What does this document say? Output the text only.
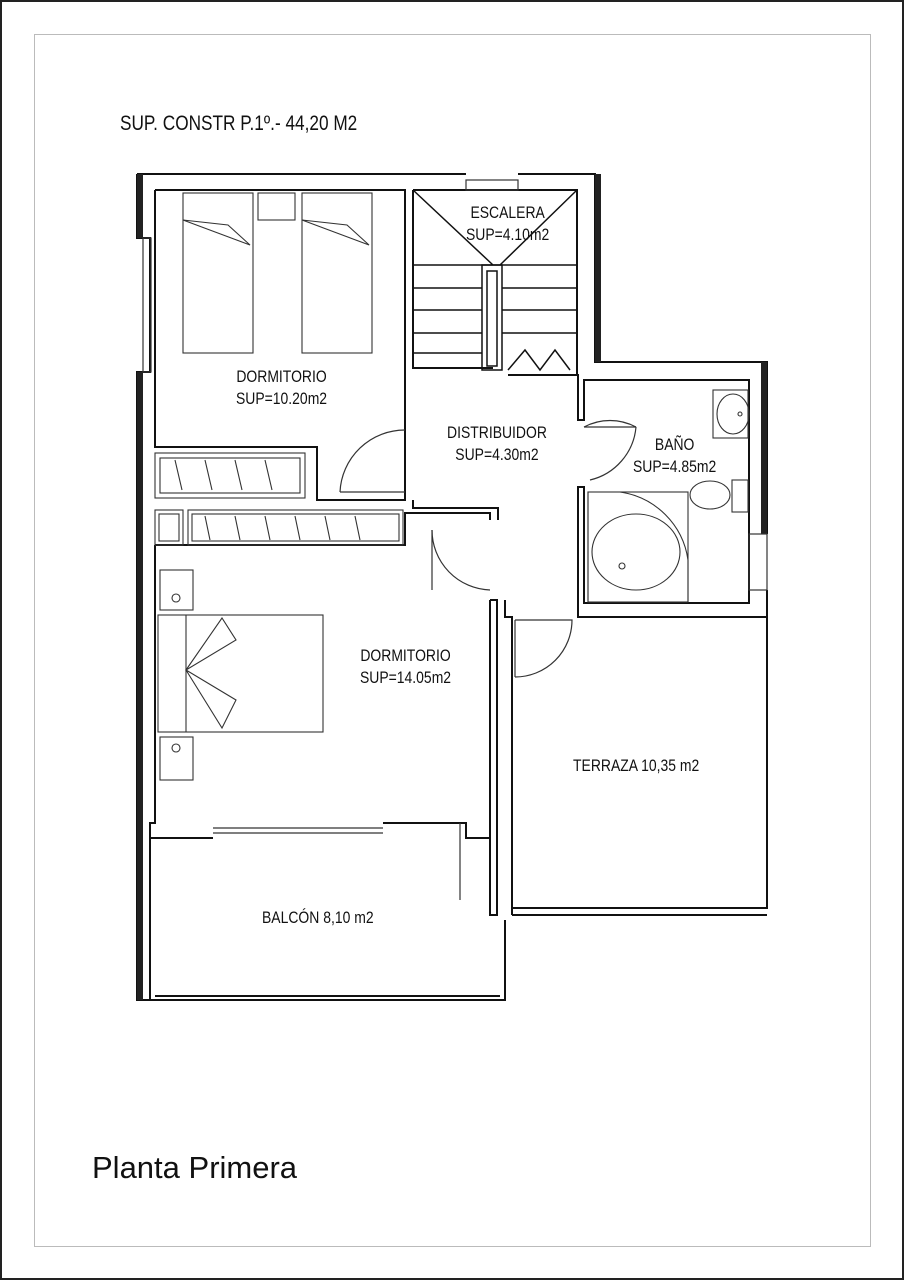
SUP. CONSTR P.1º.- 44,20 M2
ESCALERA
SUP=4.10m2
DORMITORIO
SUP=10.20m2
DISTRIBUIDOR
SUP=4.30m2
BAÑO
SUP=4.85m2
DORMITORIO
SUP=14.05m2
TERRAZA 10,35 m2
BALCÓN 8,10 m2
Planta Primera
